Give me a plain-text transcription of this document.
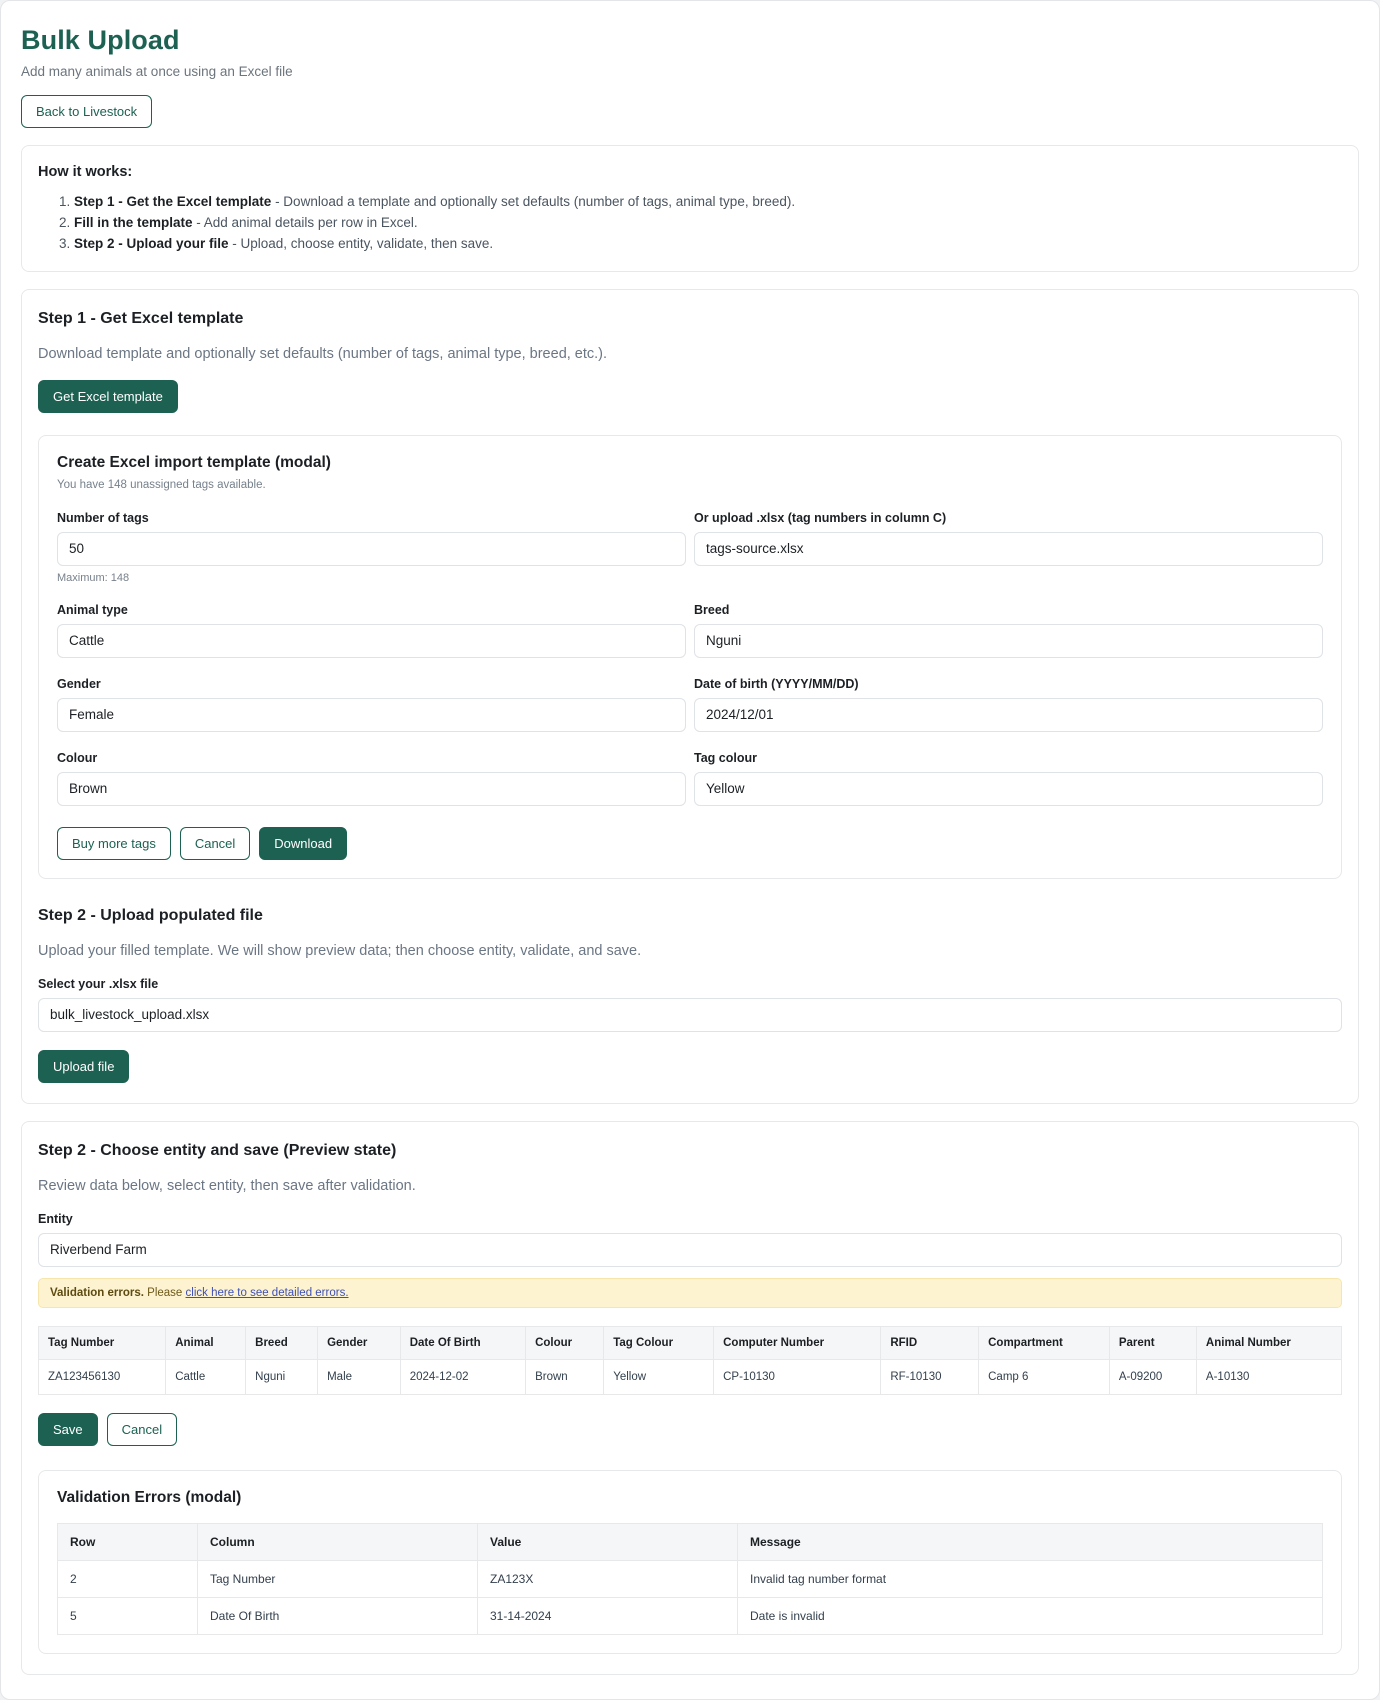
Bulk Upload

Add many animals at once using an Excel file

Back to Livestock
How it works:
1. Step 1 - Get the Excel template - Download a template and optionally set defaults (number of tags, animal type, breed).
2. Fill in the template - Add animal details per row in Excel.
3. Step 2 - Upload your file - Upload, choose entity, validate, then save.
Step 1 - Get Excel template
Download template and optionally set defaults (number of tags, animal type, breed, etc.).
Get Excel template
Create Excel import template (modal)
You have 148 unassigned tags available.
Number of tags
50
Maximum: 148
Or upload .xlsx (tag numbers in column C)
tags-source.xlsx
Animal type
Cattle	Breed
Nguni
Gender
Female	Date of birth (YYYY/MM/DD)
2024/12/01
Colour
Brown	Tag colour
Yellow
Buy more tags	Cancel	Download
Step 2 - Upload populated file
Upload your filled template. We will show preview data; then choose entity, validate, and save.
Select your .xlsx file
bulk_livestock_upload.xlsx
Upload file
Step 2 - Choose entity and save (Preview state)
Review data below, select entity, then save after validation.
Entity
Riverbend Farm
Validation errors. Please click here to see detailed errors.
Tag Number	Animal	Breed	Gender	Date Of Birth	Colour	Tag Colour	Computer Number	RFID	Compartment	Parent	Animal Number
ZA123456130	Cattle	Nguni	Male	2024-12-02	Brown	Yellow	CP-10130	RF-10130	Camp 6	A-09200	A-10130
Save	Cancel
Validation Errors (modal)
Row	Column	Value	Message
2	Tag Number	ZA123X	Invalid tag number format
5	Date Of Birth	31-14-2024	Date is invalid
